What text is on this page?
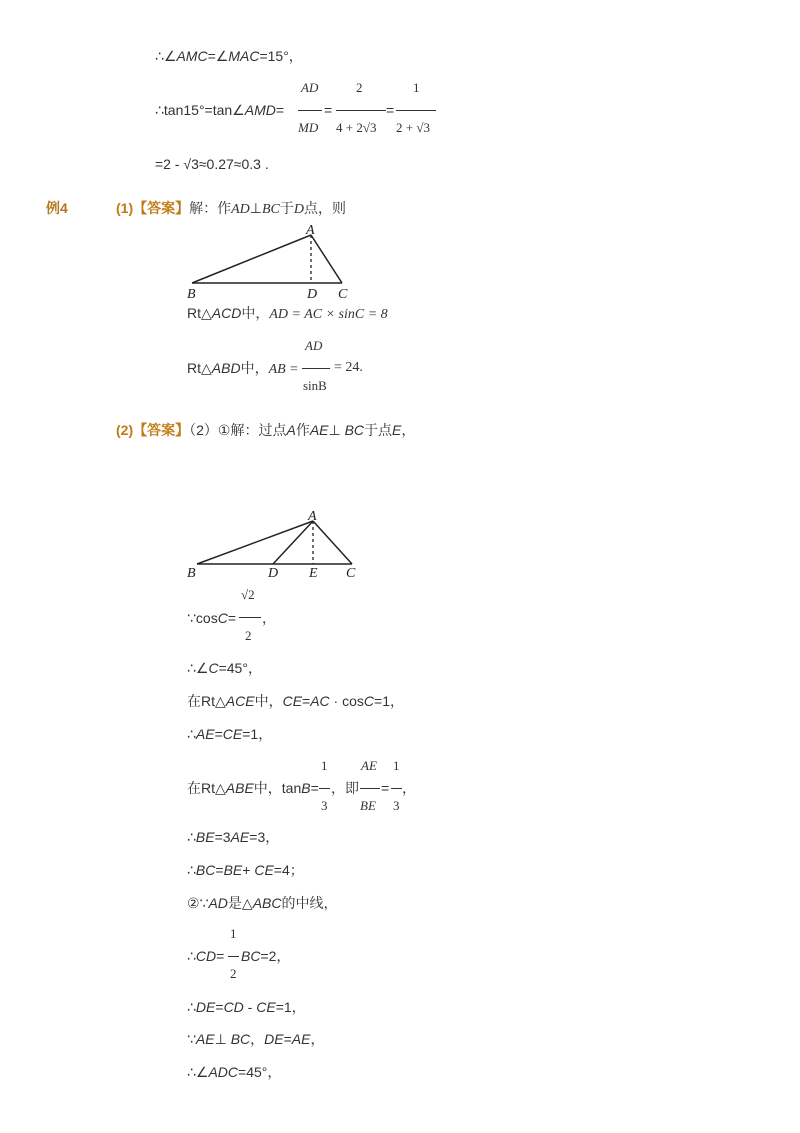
∴∠AMC=∠MAC=15°，
∴tan15°=tan∠AMD=
AD
MD
=
2
4 + 2√3
=
1
2 + √3
=2 - √3≈0.27≈0.3 .
例4	(1)【答案】解：作AD⊥BC于D点，则
A
B	D C
Rt△ACD中，AD = AC × sinC = 8
Rt△ABD中，AB =
AD
sinB
= 24.
(2)【答案】（2）①解：过点A作AE⊥ BC于点E，
A
B	D E C
∵cosC=
√2
2
，
∴∠C=45°，
在Rt△ACE中，CE=AC · cosC=1，
∴AE=CE=1，
在Rt△ABE中，tanB=
1
3
，即
AE
BE
=
1
3
，
∴BE=3AE=3，
∴BC=BE+ CE=4；
②∵AD是△ABC的中线，
∴CD=
1
2
BC=2，
∴DE=CD - CE=1，
∵AE⊥ BC，DE=AE，
∴∠ADC=45°，
